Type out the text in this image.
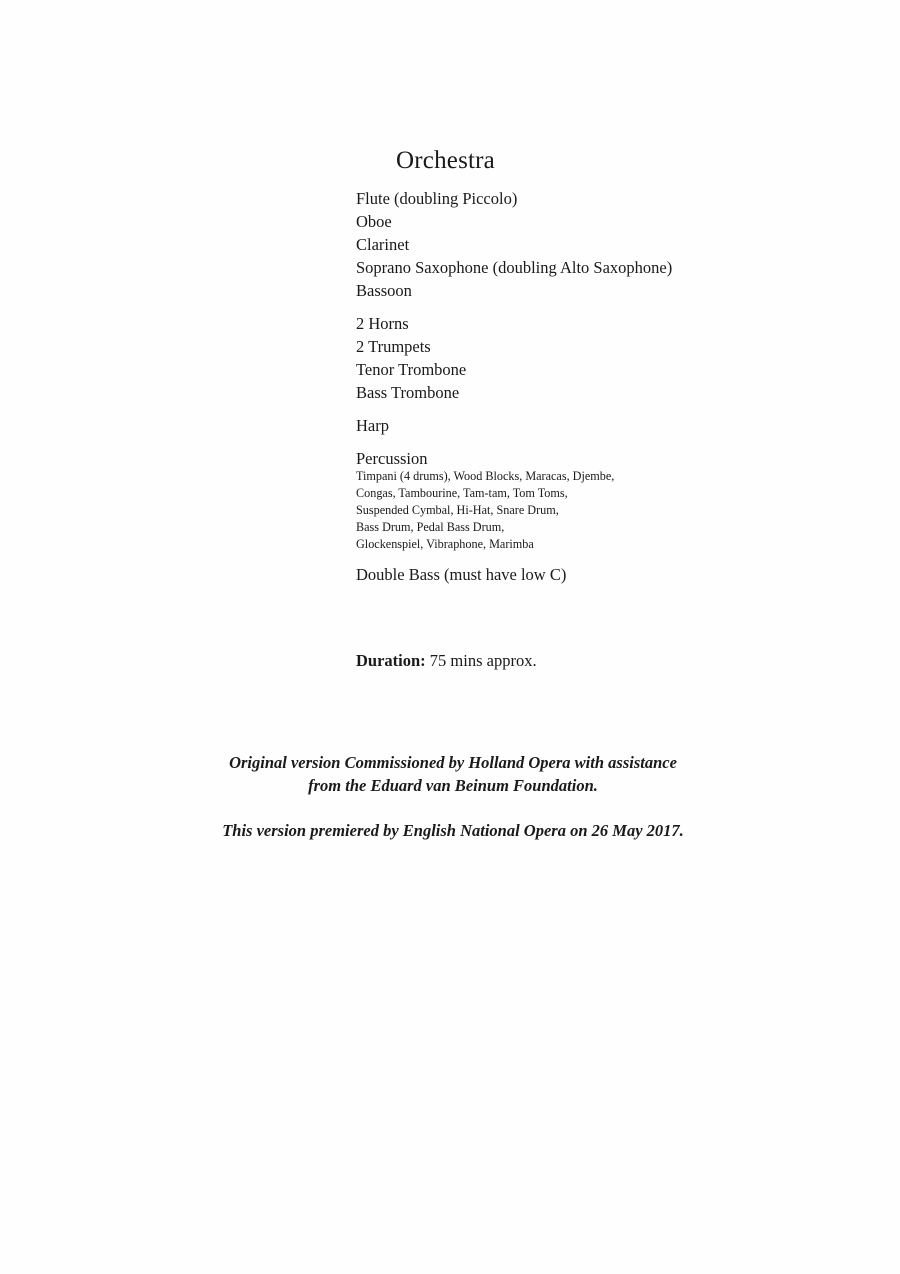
Orchestra
Flute (doubling Piccolo)
Oboe
Clarinet
Soprano Saxophone (doubling Alto Saxophone)
Bassoon
2 Horns
2 Trumpets
Tenor Trombone
Bass Trombone
Harp
Percussion
Timpani (4 drums), Wood Blocks, Maracas, Djembe,
Congas, Tambourine, Tam-tam, Tom Toms,
Suspended Cymbal, Hi-Hat, Snare Drum,
Bass Drum, Pedal Bass Drum,
Glockenspiel, Vibraphone, Marimba
Double Bass (must have low C)
Duration: 75 mins approx.

Original version Commissioned by Holland Opera with assistance

from the Eduard van Beinum Foundation.

This version premiered by English National Opera on 26 May 2017.
